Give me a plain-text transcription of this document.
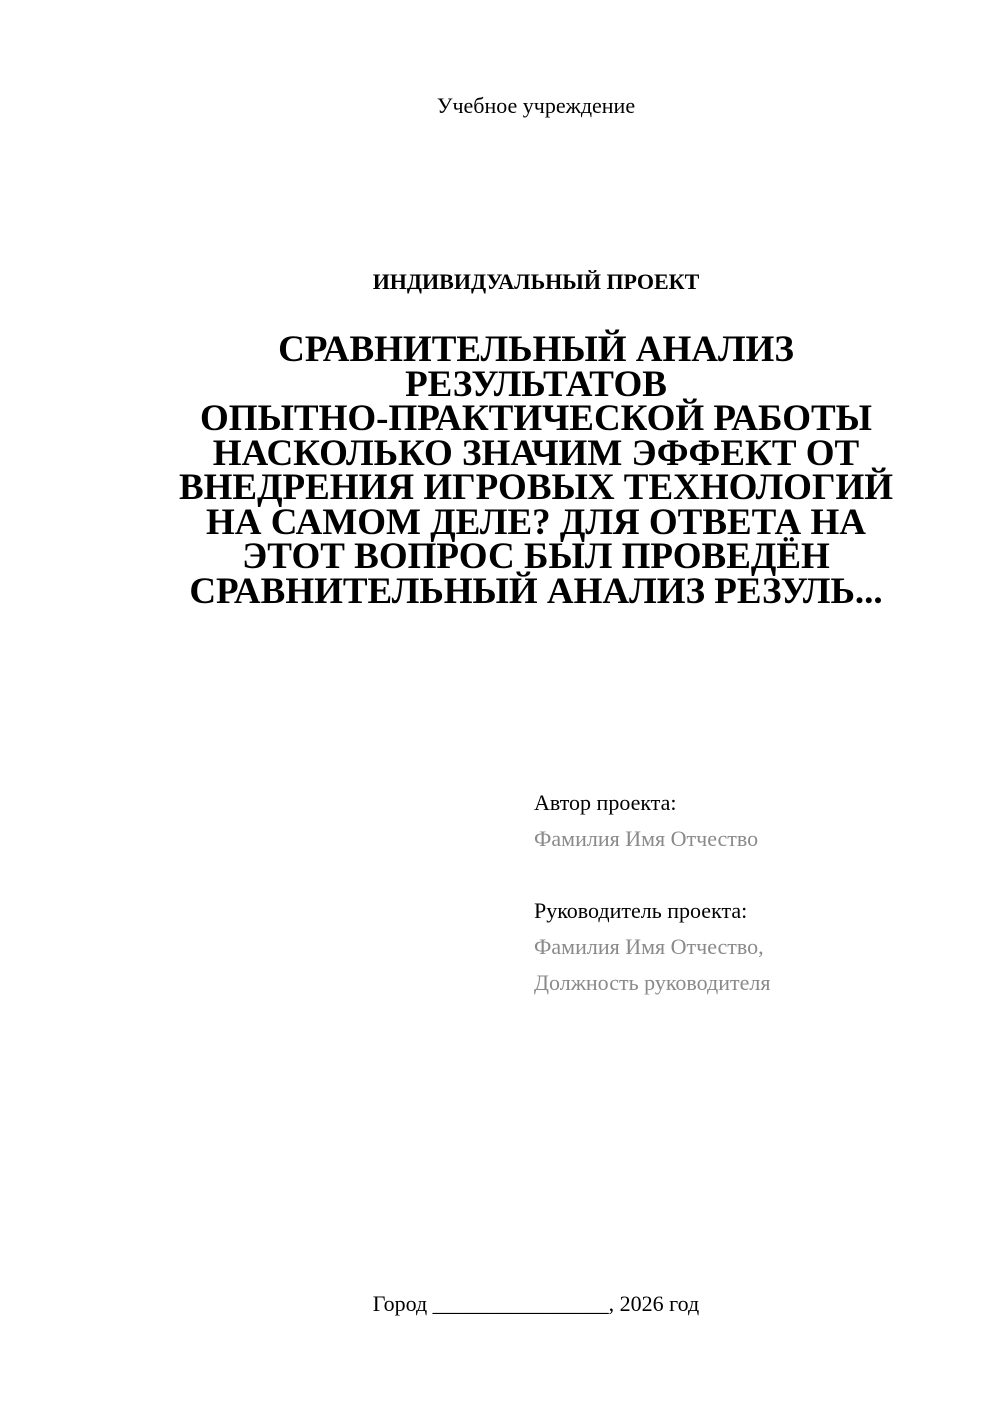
Учебное учреждение
ИНДИВИДУАЛЬНЫЙ ПРОЕКТ
СРАВНИТЕЛЬНЫЙ АНАЛИЗ
РЕЗУЛЬТАТОВ
ОПЫТНО-ПРАКТИЧЕСКОЙ РАБОТЫ
НАСКОЛЬКО ЗНАЧИМ ЭФФЕКТ ОТ
ВНЕДРЕНИЯ ИГРОВЫХ ТЕХНОЛОГИЙ
НА САМОМ ДЕЛЕ? ДЛЯ ОТВЕТА НА
ЭТОТ ВОПРОС БЫЛ ПРОВЕДЁН
СРАВНИТЕЛЬНЫЙ АНАЛИЗ РЕЗУЛЬ...
Автор проекта:
Фамилия Имя Отчество
Руководитель проекта:
Фамилия Имя Отчество,
Должность руководителя
Город ________________, 2026 год
